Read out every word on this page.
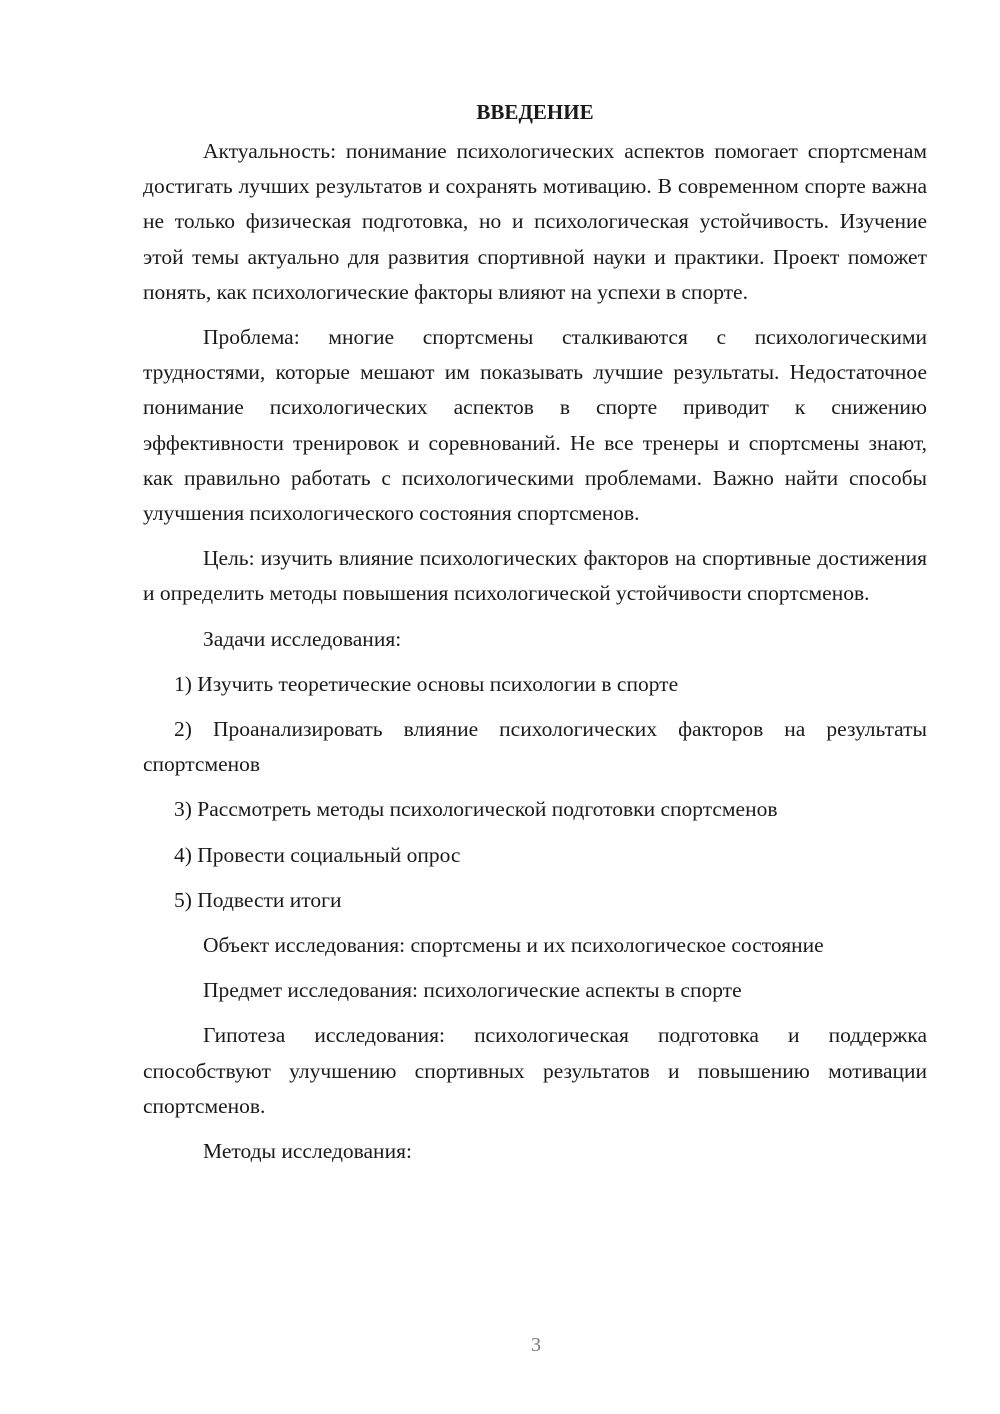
ВВЕДЕНИЕ

Актуальность: понимание психологических аспектов помогает спортсменам достигать лучших результатов и сохранять мотивацию. В современном спорте важна не только физическая подготовка, но и психологическая устойчивость. Изучение этой темы актуально для развития спортивной науки и практики. Проект поможет понять, как психологические факторы влияют на успехи в спорте.

Проблема: многие спортсмены сталкиваются с психологическими трудностями, которые мешают им показывать лучшие результаты. Недостаточное понимание психологических аспектов в спорте приводит к снижению эффективности тренировок и соревнований. Не все тренеры и спортсмены знают, как правильно работать с психологическими проблемами. Важно найти способы улучшения психологического состояния спортсменов.

Цель: изучить влияние психологических факторов на спортивные достижения и определить методы повышения психологической устойчивости спортсменов.

Задачи исследования:

1) Изучить теоретические основы психологии в спорте

2) Проанализировать влияние психологических факторов на результаты спортсменов

3) Рассмотреть методы психологической подготовки спортсменов

4) Провести социальный опрос

5) Подвести итоги

Объект исследования: спортсмены и их психологическое состояние

Предмет исследования: психологические аспекты в спорте

Гипотеза исследования: психологическая подготовка и поддержка способствуют улучшению спортивных результатов и повышению мотивации спортсменов.

Методы исследования:

3
